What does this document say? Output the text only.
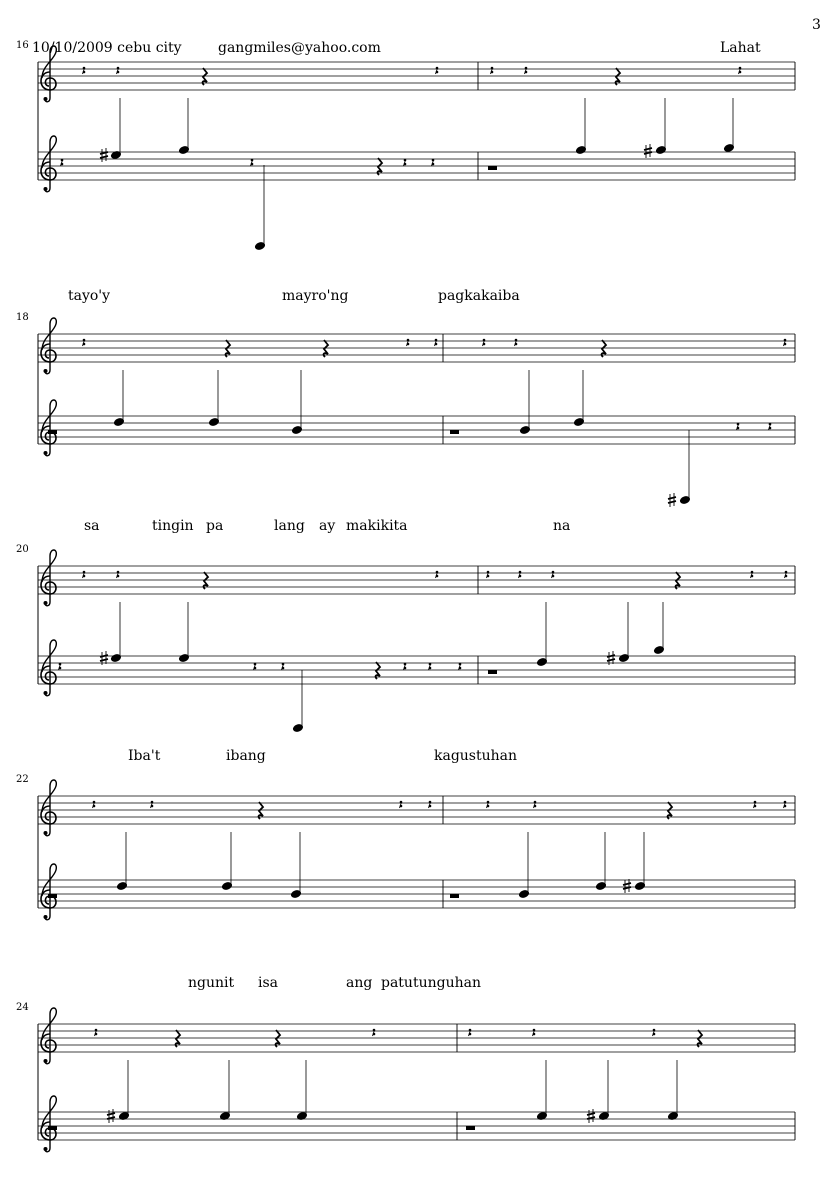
3
10/10/2009 cebu city	gangmiles@yahoo.com
16	Lahat
tayo'y	mayro'ng	pagkakaiba
18
sa	tingin pa	lang ay makikita	na
20
Iba't	ibang	kagustuhan
22
ngunit isa	ang patutunguhan
24
